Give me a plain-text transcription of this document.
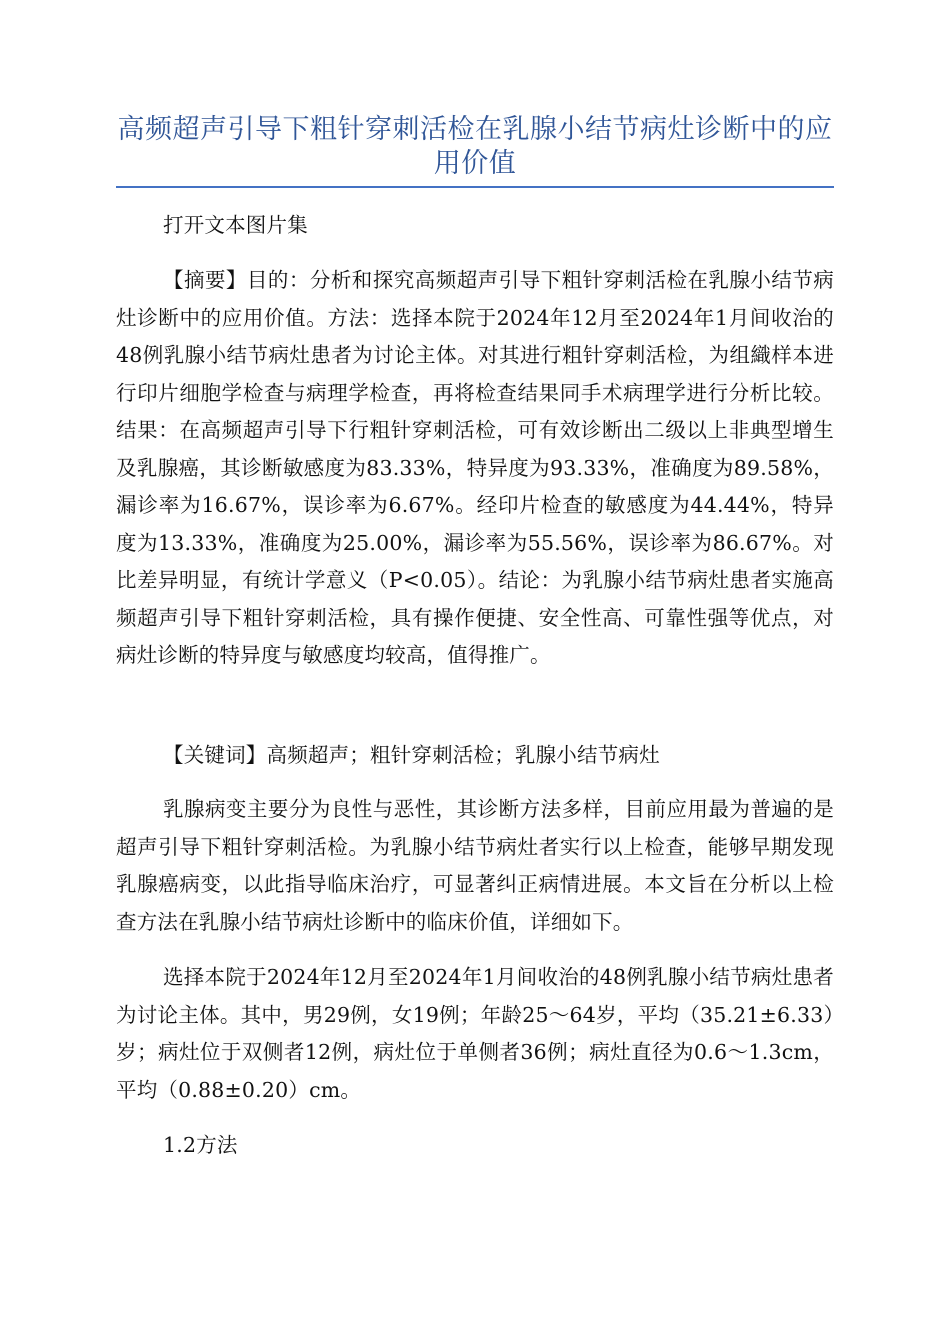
高频超声引导下粗针穿刺活检在乳腺小结节病灶诊断中的应用价值

打开文本图片集

【摘要】目的：分析和探究高频超声引导下粗针穿刺活检在乳腺小结节病灶诊断中的应用价值。方法：选择本院于2024年12月至2024年1月间收治的48例乳腺小结节病灶患者为讨论主体。对其进行粗针穿刺活检，为组織样本进行印片细胞学检查与病理学检查，再将检查结果同手术病理学进行分析比较。结果：在高频超声引导下行粗针穿刺活检，可有效诊断出二级以上非典型增生及乳腺癌，其诊断敏感度为83.33%，特异度为93.33%，准确度为89.58%，漏诊率为16.67%，误诊率为6.67%。经印片检查的敏感度为44.44%，特异度为13.33%，准确度为25.00%，漏诊率为55.56%，误诊率为86.67%。对比差异明显，有统计学意义（P<0.05）。结论：为乳腺小结节病灶患者实施高频超声引导下粗针穿刺活检，具有操作便捷、安全性高、可靠性强等优点，对病灶诊断的特异度与敏感度均较高，值得推广。

【关键词】高频超声；粗针穿刺活检；乳腺小结节病灶

乳腺病变主要分为良性与恶性，其诊断方法多样，目前应用最为普遍的是超声引导下粗针穿刺活检。为乳腺小结节病灶者实行以上检查，能够早期发现乳腺癌病变，以此指导临床治疗，可显著纠正病情进展。本文旨在分析以上检查方法在乳腺小结节病灶诊断中的临床价值，详细如下。

选择本院于2024年12月至2024年1月间收治的48例乳腺小结节病灶患者为讨论主体。其中，男29例，女19例；年龄25～64岁，平均（35.21±6.33）岁；病灶位于双侧者12例，病灶位于单侧者36例；病灶直径为0.6～1.3cm，平均（0.88±0.20）cm。

1.2方法
